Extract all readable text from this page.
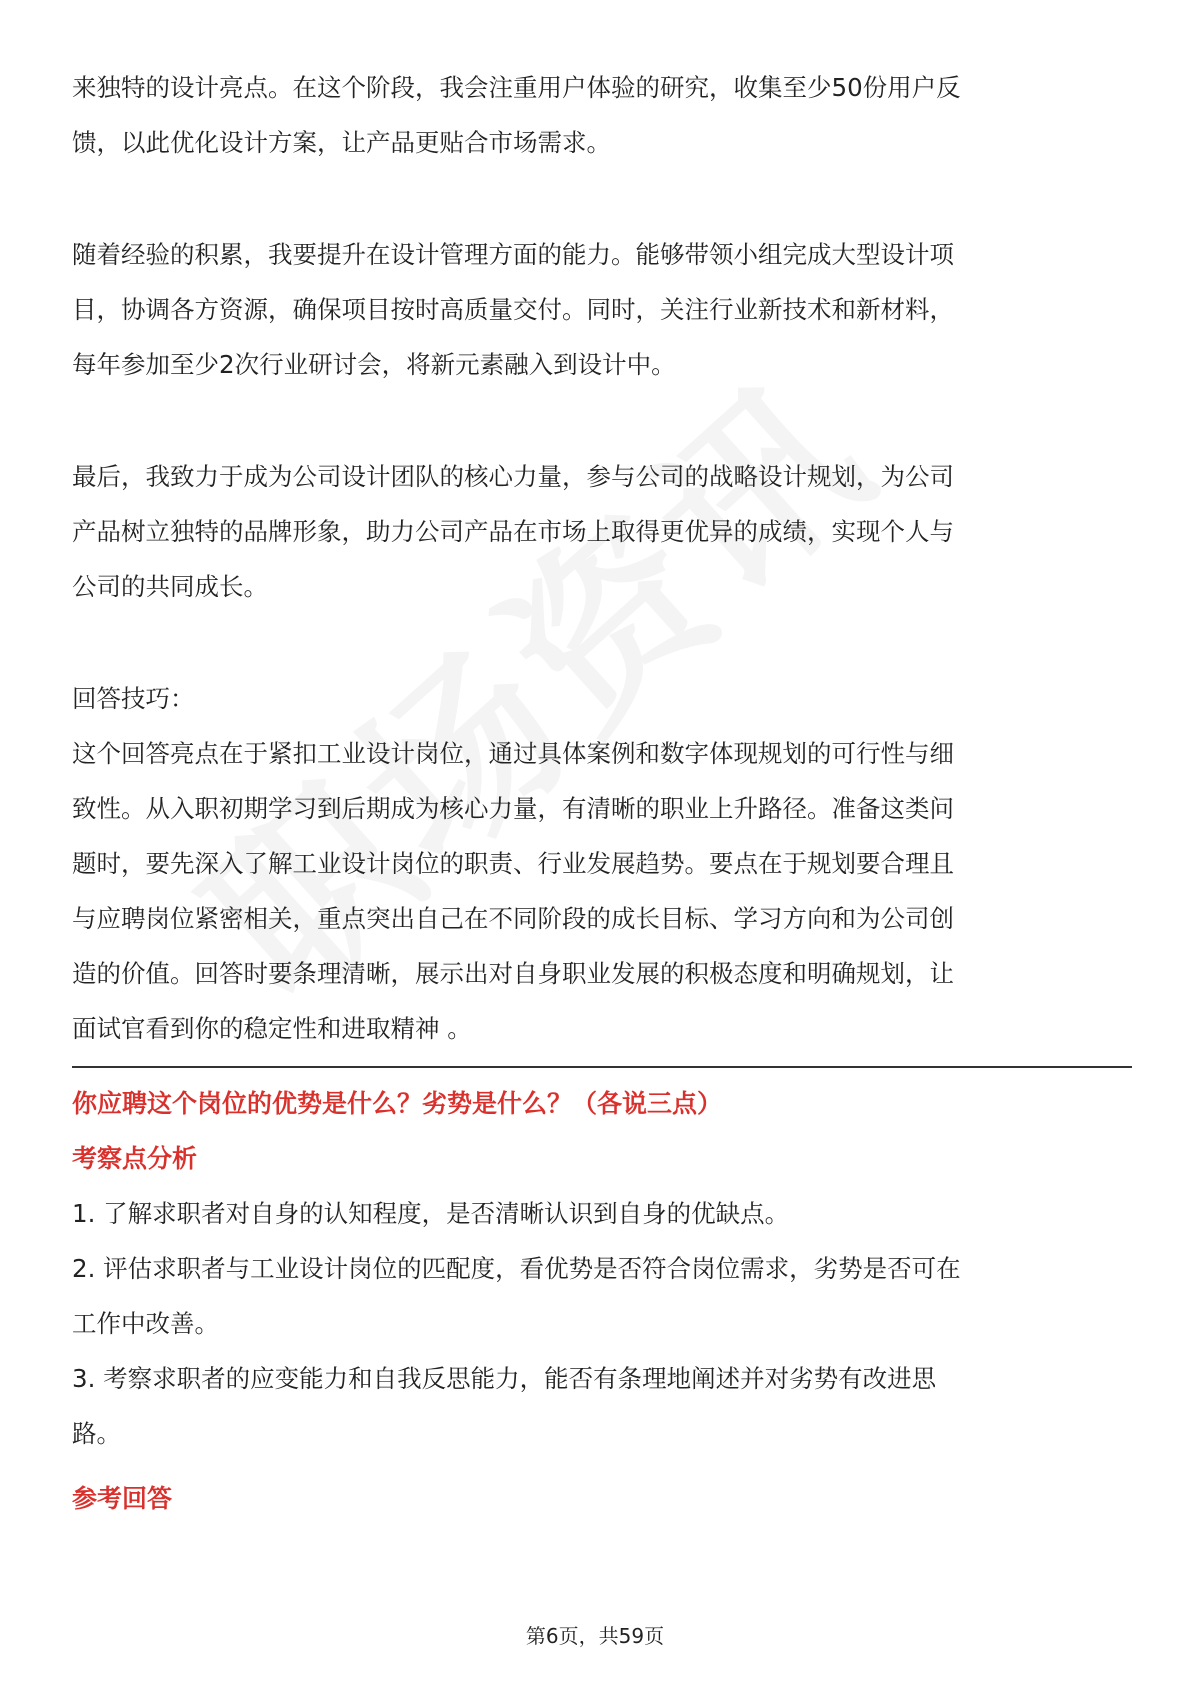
来独特的设计亮点。在这个阶段，我会注重用户体验的研究，收集至少50份用户反

馈，以此优化设计方案，让产品更贴合市场需求。

随着经验的积累，我要提升在设计管理方面的能力。能够带领小组完成大型设计项

目，协调各方资源，确保项目按时高质量交付。同时，关注行业新技术和新材料，

每年参加至少2次行业研讨会，将新元素融入到设计中。

最后，我致力于成为公司设计团队的核心力量，参与公司的战略设计规划，为公司

产品树立独特的品牌形象，助力公司产品在市场上取得更优异的成绩，实现个人与

公司的共同成长。

回答技巧：

这个回答亮点在于紧扣工业设计岗位，通过具体案例和数字体现规划的可行性与细

致性。从入职初期学习到后期成为核心力量，有清晰的职业上升路径。准备这类问

题时，要先深入了解工业设计岗位的职责、行业发展趋势。要点在于规划要合理且

与应聘岗位紧密相关，重点突出自己在不同阶段的成长目标、学习方向和为公司创

造的价值。回答时要条理清晰，展示出对自身职业发展的积极态度和明确规划，让

面试官看到你的稳定性和进取精神 。

你应聘这个岗位的优势是什么？劣势是什么？（各说三点）

考察点分析

1. 了解求职者对自身的认知程度，是否清晰认识到自身的优缺点。

2. 评估求职者与工业设计岗位的匹配度，看优势是否符合岗位需求，劣势是否可在

工作中改善。

3. 考察求职者的应变能力和自我反思能力，能否有条理地阐述并对劣势有改进思

路。

参考回答

第6页，共59页
